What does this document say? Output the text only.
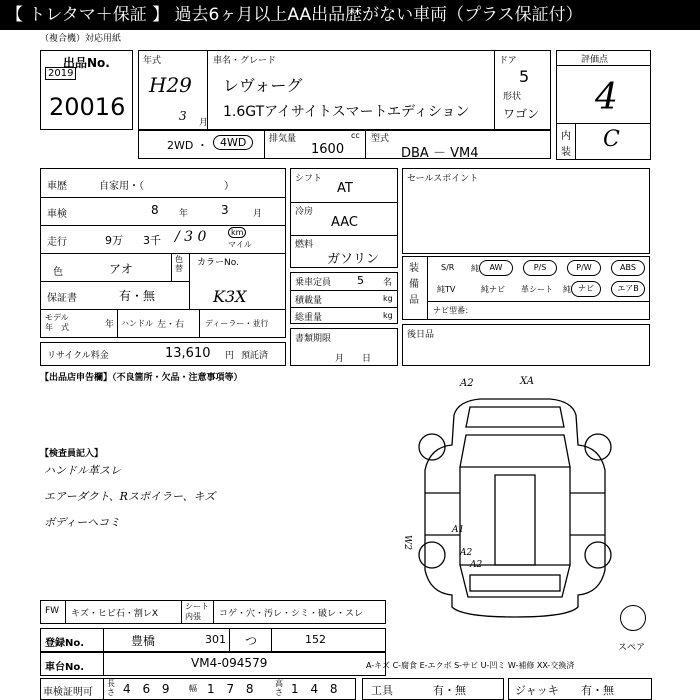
【 トレタマ＋保証 】 過去6ヶ月以上AA出品歴がない車両（プラス保証付）
（複合機）対応用紙
出品No.
2019
20016
年式
H29
3 月
車名・グレード
レヴォーグ
1.6GTアイサイトスマートエディション
ドア
5
形状
ワゴン
2WD ・	4WD	排気量	cc
1600
型式
DBA － VM4
評価点
4
内
装
C
車歴	自家用・（　　　　　　　　）
車検	8 年	3	月
走行	9万 3千 / 3 0	km
マイル
色	アオ
色替
カラーNo.
K3X
保証書	有・無
モデル
年　式	年 ハンドル 左・右	ディーラー・並行
リサイクル料金	13,610 円 預託済
シフト
AT
冷房
AAC
燃料
ガソリン
乗車定員 5 名
積載量	kg
総重量	kg
書類期限
月　　日
セールスポイント
装備品
S/R 純	AW	P/S	P/W	ABS
純TV	純ナビ 革シート 純 ナビ	エアB
ナビ型番：
後日品
【出品店申告欄】（不良箇所・欠品・注意事項等）
【検査員記入】
ハンドル革スレ
エアーダクト、Rスポイラー、キズ
ボディーヘコミ
A2	XA
W2
A1
A2
A2
スペア
FW キズ・ヒビ石・割レX
シート内張	コゲ・穴・汚レ・シミ・破レ・スレ
登録No.	豊橋	301 つ	152
車台No.	VM4-094579	A-キズ C-腐食 E-エクボ S-サビ U-凹ミ W-補修 XX-交換済
車検証明可
長さ 4 6 9 幅 1 7 8 高さ 1 4 8	工具	有・無	ジャッキ 有・無
